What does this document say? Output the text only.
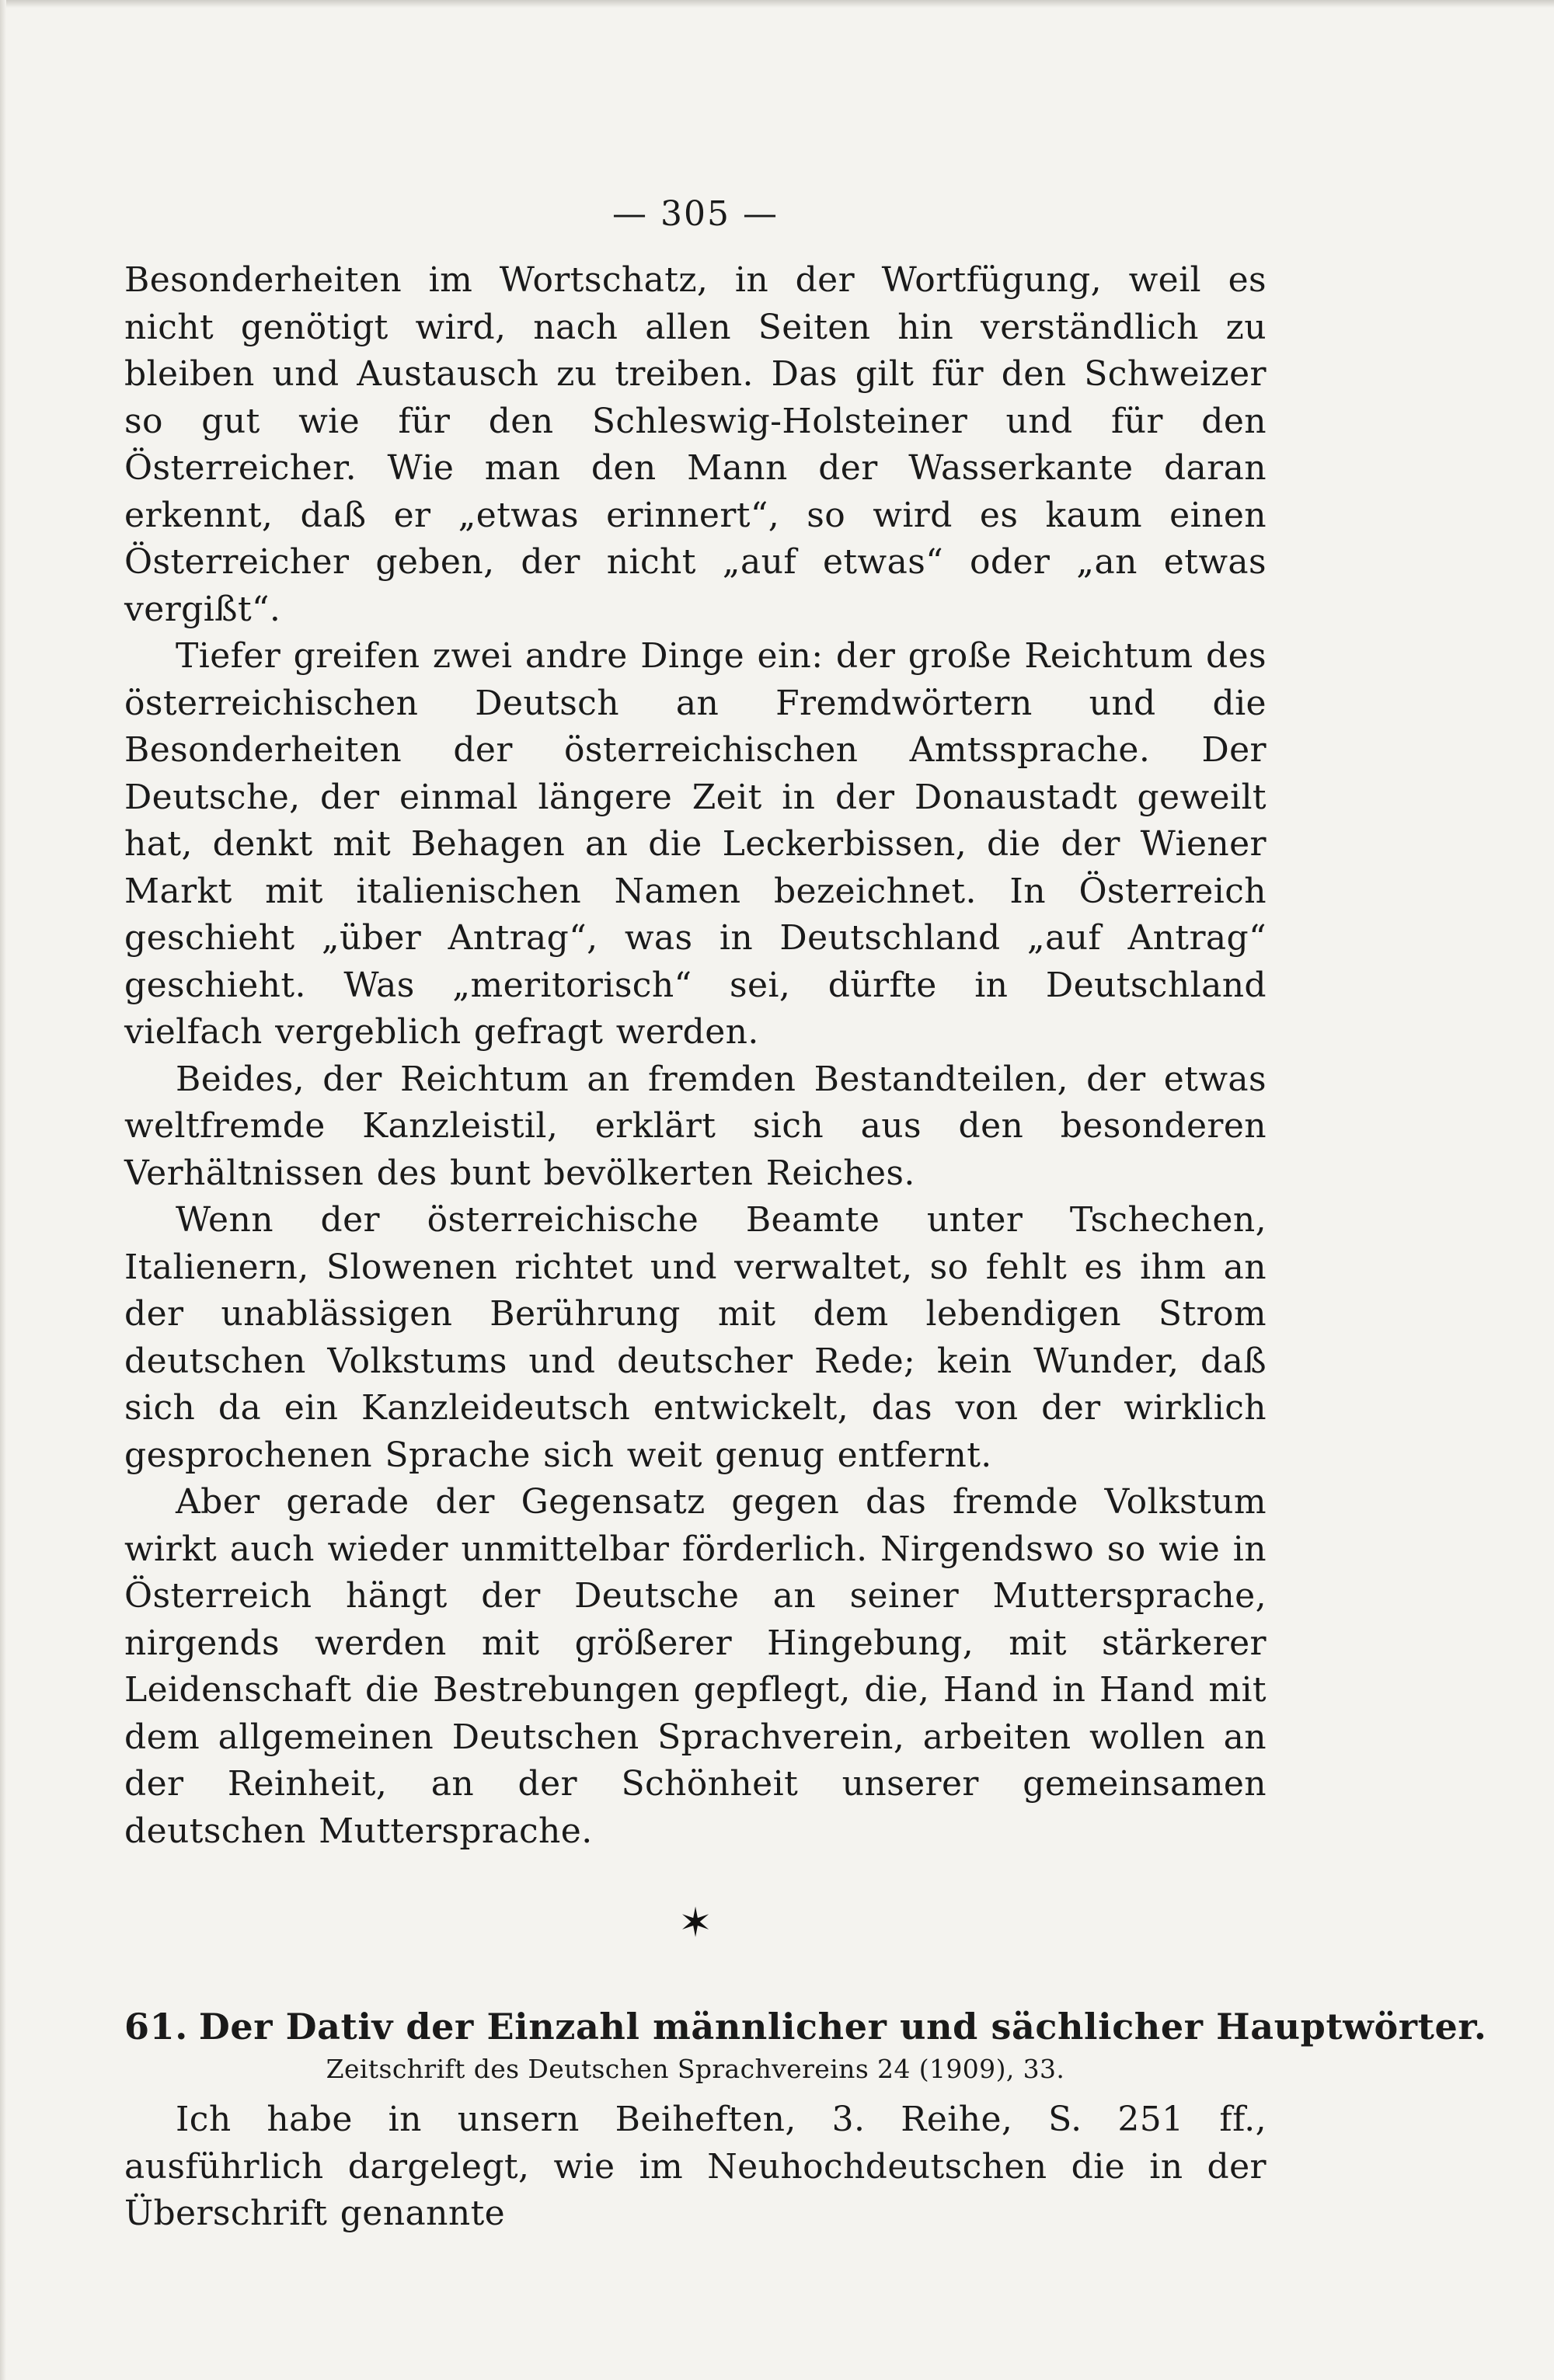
— 305 —

Besonderheiten im Wortschatz, in der Wortfügung, weil es nicht genötigt wird, nach allen Seiten hin verständlich zu bleiben und Austausch zu treiben. Das gilt für den Schweizer so gut wie für den Schleswig-Holsteiner und für den Österreicher. Wie man den Mann der Wasserkante daran erkennt, daß er „etwas erinnert“, so wird es kaum einen Österreicher geben, der nicht „auf etwas“ oder „an etwas vergißt“.

Tiefer greifen zwei andre Dinge ein: der große Reichtum des österreichischen Deutsch an Fremdwörtern und die Besonderheiten der österreichischen Amtssprache. Der Deutsche, der einmal längere Zeit in der Donaustadt geweilt hat, denkt mit Behagen an die Leckerbissen, die der Wiener Markt mit italienischen Namen bezeichnet. In Österreich geschieht „über Antrag“, was in Deutschland „auf Antrag“ geschieht. Was „meritorisch“ sei, dürfte in Deutschland vielfach vergeblich gefragt werden.

Beides, der Reichtum an fremden Bestandteilen, der etwas weltfremde Kanzleistil, erklärt sich aus den besonderen Verhältnissen des bunt bevölkerten Reiches.

Wenn der österreichische Beamte unter Tschechen, Italienern, Slowenen richtet und verwaltet, so fehlt es ihm an der unablässigen Berührung mit dem lebendigen Strom deutschen Volkstums und deutscher Rede; kein Wunder, daß sich da ein Kanzleideutsch entwickelt, das von der wirklich gesprochenen Sprache sich weit genug entfernt.

Aber gerade der Gegensatz gegen das fremde Volkstum wirkt auch wieder unmittelbar förderlich. Nirgendswo so wie in Österreich hängt der Deutsche an seiner Muttersprache, nirgends werden mit größerer Hingebung, mit stärkerer Leidenschaft die Bestrebungen gepflegt, die, Hand in Hand mit dem allgemeinen Deutschen Sprachverein, arbeiten wollen an der Reinheit, an der Schönheit unserer gemeinsamen deutschen Muttersprache.

✶
61. Der Dativ der Einzahl männlicher und sächlicher Hauptwörter.
Zeitschrift des Deutschen Sprachvereins 24 (1909), 33.

Ich habe in unsern Beiheften, 3. Reihe, S. 251 ff., ausführlich dargelegt, wie im Neuhochdeutschen die in der Überschrift genannte
